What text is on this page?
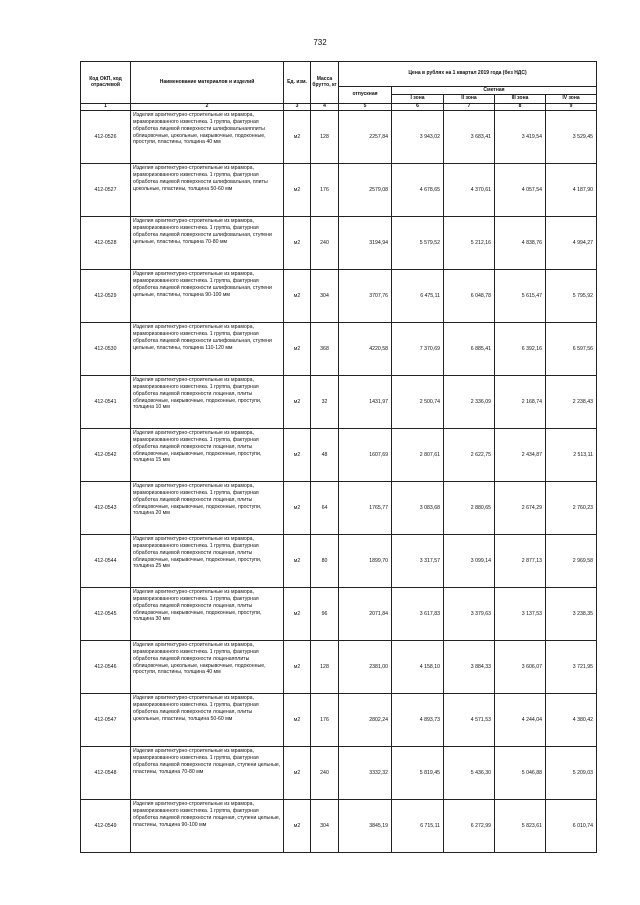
732
Код ОКП, код отраслевой	Наименование материалов и изделий	Ед. изм.	Масса брутто, кг	Цена в рублях на 1 квартал 2019 года (без НДС)				
				отпускная	Сметная			
					I зона	II зона	III зона	IV зона
1	2	3	4	5	6	7	8	9
412-0526	Изделия архитектурно-строительные из мрамора, мраморизованного известняка. 1 группа, фактурная обработка лицевой поверхности шлифовальнаяплиты облицовочные, цокольные, накрывочные, подоконные, проступи, пластины, толщина 40 мм	м2	128	2257,84	3 943,02	3 683,41	3 419,54	3 529,45
412-0527	Изделия архитектурно-строительные из мрамора, мраморизованного известняка. 1 группа, фактурная обработка лицевой поверхности шлифовальная, плиты цокольные, пластины, толщина 50-60 мм	м2	176	2579,08	4 678,65	4 370,61	4 057,54	4 187,90
412-0528	Изделия архитектурно-строительные из мрамора, мраморизованного известняка. 1 группа, фактурная обработка лицевой поверхности шлифовальная, ступени цельные, пластины, толщина 70-80 мм	м2	240	3194,94	5 579,52	5 212,16	4 838,76	4 994,27
412-0529	Изделия архитектурно-строительные из мрамора, мраморизованного известняка. 1 группа, фактурная обработка лицевой поверхности шлифовальная, ступени цельные, пластины, толщина 90-100 мм	м2	304	3707,76	6 475,11	6 048,78	5 615,47	5 795,92
412-0530	Изделия архитектурно-строительные из мрамора, мраморизованного известняка. 1 группа, фактурная обработка лицевой поверхности шлифовальная, ступени цельные, пластины, толщина 110-120 мм	м2	368	4220,58	7 370,69	6 885,41	6 392,16	6 597,56
412-0541	Изделия архитектурно-строительные из мрамора, мраморизованного известняка. 1 группа, фактурная обработка лицевой поверхности лощеная, плиты облицовочные, накрывочные, подоконные, проступи, толщина 10 мм	м2	32	1431,97	2 500,74	2 336,09	2 168,74	2 238,43
412-0542	Изделия архитектурно-строительные из мрамора, мраморизованного известняка. 1 группа, фактурная обработка лицевой поверхности лощеная, плиты облицовочные, накрывочные, подоконные, проступи, толщина 15 мм	м2	48	1607,69	2 807,61	2 622,75	2 434,87	2 513,11
412-0543	Изделия архитектурно-строительные из мрамора, мраморизованного известняка. 1 группа, фактурная обработка лицевой поверхности лощеная, плиты облицовочные, накрывочные, подоконные, проступи, толщина 20 мм	м2	64	1765,77	3 083,68	2 880,65	2 674,29	2 760,23
412-0544	Изделия архитектурно-строительные из мрамора, мраморизованного известняка. 1 группа, фактурная обработка лицевой поверхности лощеная, плиты облицовочные, накрывочные, подоконные, проступи, толщина 25 мм	м2	80	1899,70	3 317,57	3 099,14	2 877,13	2 969,58
412-0545	Изделия архитектурно-строительные из мрамора, мраморизованного известняка. 1 группа, фактурная обработка лицевой поверхности лощеная, плиты облицовочные, накрывочные, подоконные, проступи, толщина 30 мм	м2	96	2071,84	3 617,83	3 379,63	3 137,53	3 238,35
412-0546	Изделия архитектурно-строительные из мрамора, мраморизованного известняка. 1 группа, фактурная обработка лицевой поверхности лощенаяплиты облицовочные, цокольные, накрывочные, подоконные, проступи, пластины, толщина 40 мм	м2	128	2381,00	4 158,10	3 884,33	3 606,07	3 721,95
412-0547	Изделия архитектурно-строительные из мрамора, мраморизованного известняка. 1 группа, фактурная обработка лицевой поверхности лощеная, плиты цокольные, пластины, толщина 50-60 мм	м2	176	2802,24	4 893,73	4 571,53	4 244,04	4 380,42
412-0548	Изделия архитектурно-строительные из мрамора, мраморизованного известняка. 1 группа, фактурная обработка лицевой поверхности лощеная, ступени цельные, пластины, толщина 70-80 мм	м2	240	3332,32	5 819,45	5 436,30	5 046,88	5 209,03
412-0549	Изделия архитектурно-строительные из мрамора, мраморизованного известняка. 1 группа, фактурная обработка лицевой поверхности лощеная, ступени цельные, пластины, толщина 90-100 мм	м2	304	3845,19	6 715,11	6 272,99	5 823,61	6 010,74
